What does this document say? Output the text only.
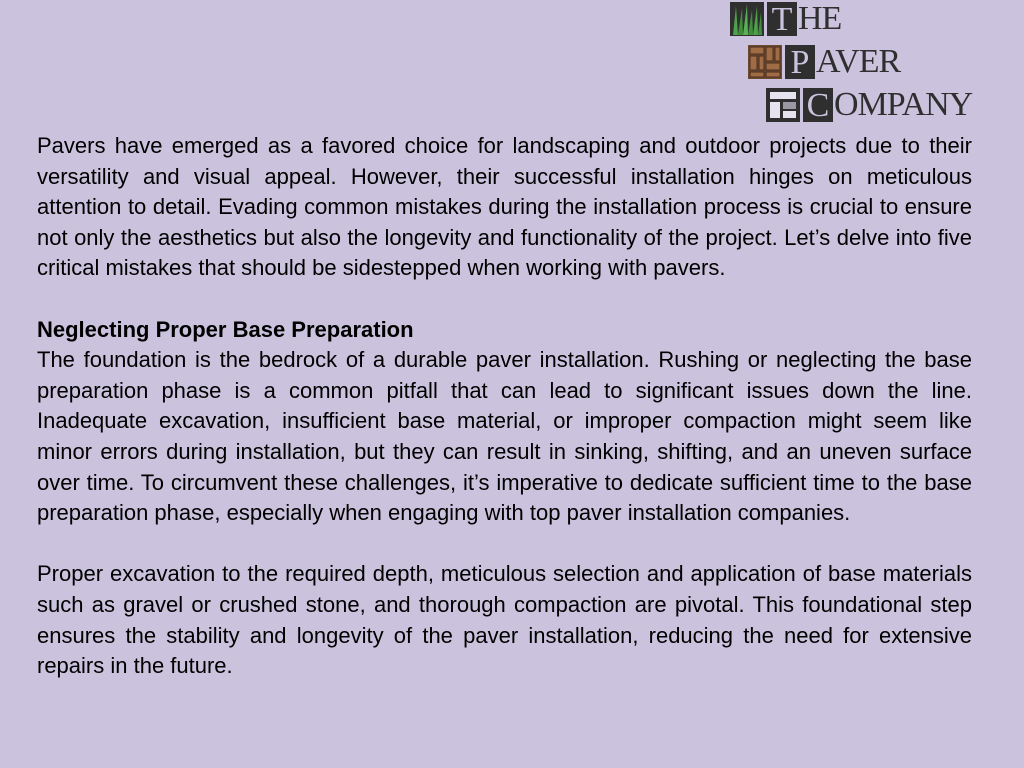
T HE
P AVER
C OMPANY

Pavers have emerged as a favored choice for landscaping and outdoor projects due to their versatility and visual appeal. However, their successful installation hinges on meticulous attention to detail. Evading common mistakes during the installation process is crucial to ensure not only the aesthetics but also the longevity and functionality of the project. Let’s delve into five critical mistakes that should be sidestepped when working with pavers.

Neglecting Proper Base Preparation

The foundation is the bedrock of a durable paver installation. Rushing or neglecting the base preparation phase is a common pitfall that can lead to significant issues down the line. Inadequate excavation, insufficient base material, or improper compaction might seem like minor errors during installation, but they can result in sinking, shifting, and an uneven surface over time. To circumvent these challenges, it’s imperative to dedicate sufficient time to the base preparation phase, especially when engaging with top paver installation companies.

Proper excavation to the required depth, meticulous selection and application of base materials such as gravel or crushed stone, and thorough compaction are pivotal. This foundational step ensures the stability and longevity of the paver installation, reducing the need for extensive repairs in the future.
